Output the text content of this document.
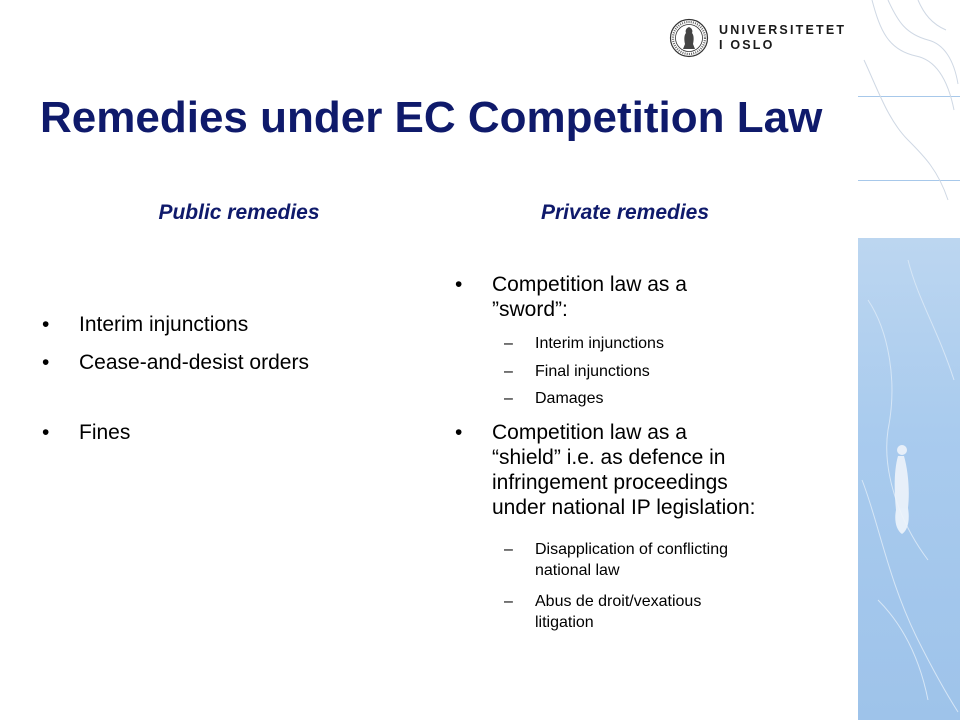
UNIVERSITETET
I OSLO
Remedies under EC Competition Law
Public remedies	Private remedies
• Interim injunctions
• Cease-and-desist orders
• Fines
• Competition law as a
”sword”:
– Interim injunctions
– Final injunctions
– Damages
• Competition law as a
“shield” i.e. as defence in
infringement proceedings
under national IP legislation:
– Disapplication of conflicting
national law
– Abus de droit/vexatious
litigation
